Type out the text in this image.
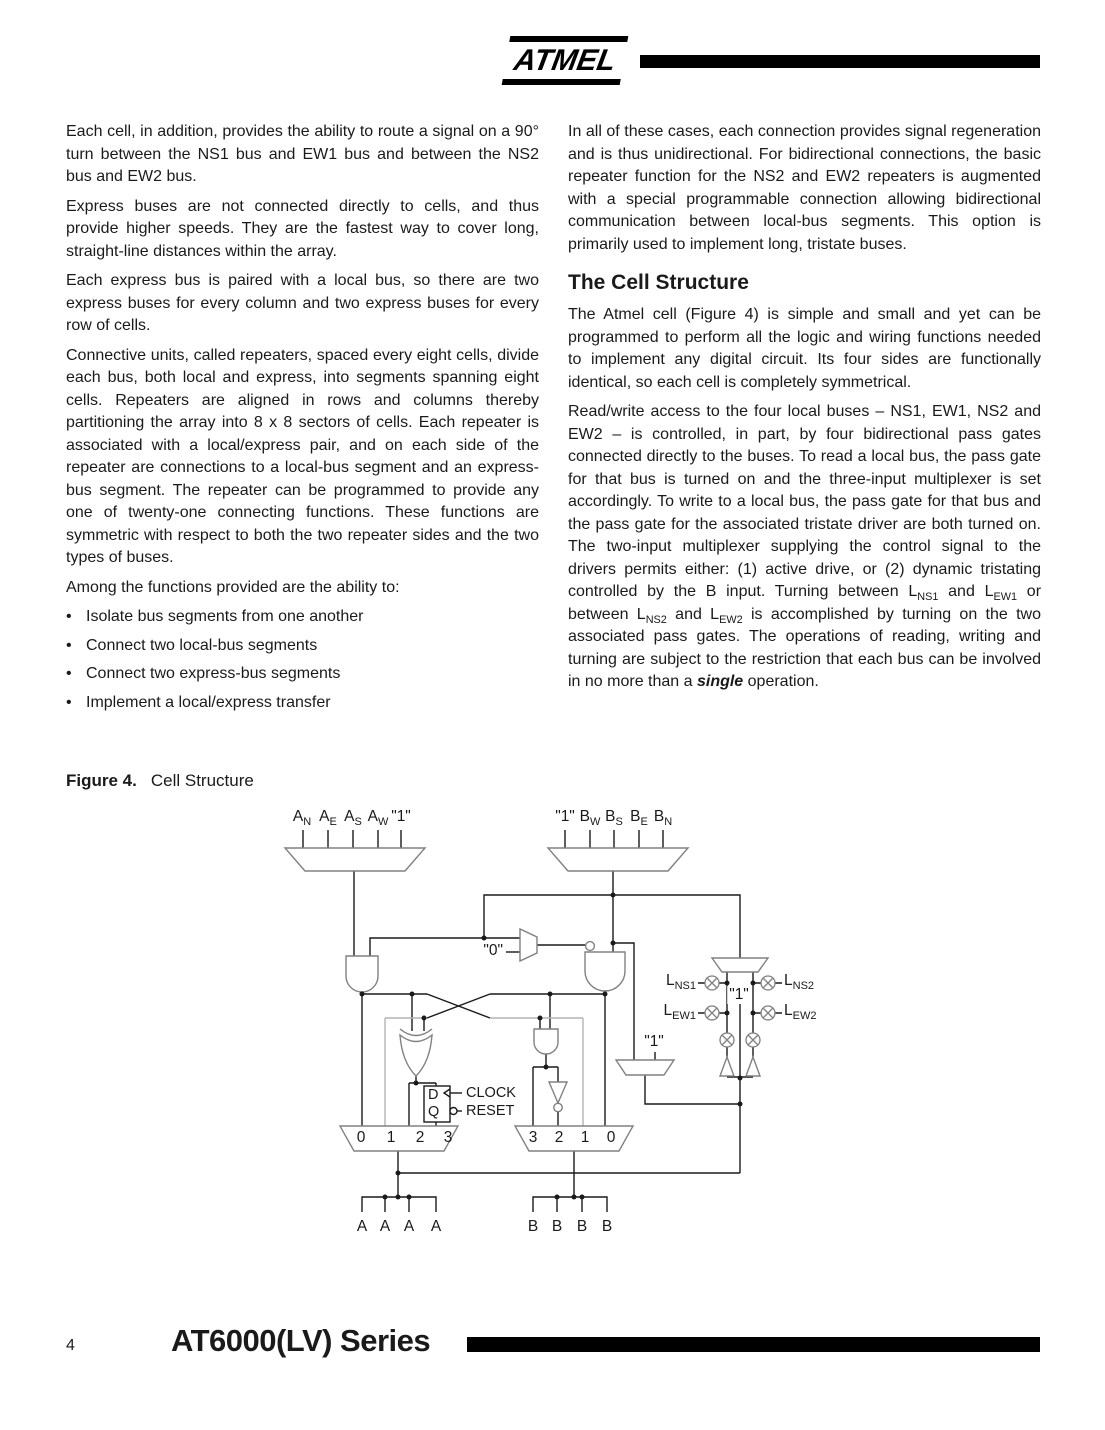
ATMEL

Each cell, in addition, provides the ability to route a signal on a 90° turn between the NS1 bus and EW1 bus and between the NS2 bus and EW2 bus.

Express buses are not connected directly to cells, and thus provide higher speeds. They are the fastest way to cover long, straight-line distances within the array.

Each express bus is paired with a local bus, so there are two express buses for every column and two express buses for every row of cells.

Connective units, called repeaters, spaced every eight cells, divide each bus, both local and express, into segments spanning eight cells. Repeaters are aligned in rows and columns thereby partitioning the array into 8 x 8 sectors of cells. Each repeater is associated with a local/express pair, and on each side of the repeater are connections to a local-bus segment and an express-bus segment. The repeater can be programmed to provide any one of twenty-one connecting functions. These functions are symmetric with respect to both the two repeater sides and the two types of buses.

Among the functions provided are the ability to:

• Isolate bus segments from one another
• Connect two local-bus segments
• Connect two express-bus segments
• Implement a local/express transfer

In all of these cases, each connection provides signal regeneration and is thus unidirectional. For bidirectional connections, the basic repeater function for the NS2 and EW2 repeaters is augmented with a special programmable connection allowing bidirectional communication between local-bus segments. This option is primarily used to implement long, tristate buses.

The Cell Structure

The Atmel cell (Figure 4) is simple and small and yet can be programmed to perform all the logic and wiring functions needed to implement any digital circuit. Its four sides are functionally identical, so each cell is completely symmetrical.

Read/write access to the four local buses – NS1, EW1, NS2 and EW2 – is controlled, in part, by four bidirectional pass gates connected directly to the buses. To read a local bus, the pass gate for that bus is turned on and the three-input multiplexer is set accordingly. To write to a local bus, the pass gate for that bus and the pass gate for the associated tristate driver are both turned on. The two-input multiplexer supplying the control signal to the drivers permits either: (1) active drive, or (2) dynamic tristating controlled by the B input. Turning between $L_{NS1}$ and $L_{EW1}$ or between $L_{NS2}$ and $L_{EW2}$ is accomplished by turning on the two associated pass gates. The operations of reading, writing and turning are subject to the restriction that each bus can be involved in no more than a single operation.

Figure 4. Cell Structure
$A_N$ $A_E$ $A_S$ $A_W$ "1"	"1" $B_W$ $B_S$ $B_E$ $B_N$
"0"
$L_{NS1}$
$L_{EW1}$
$L_{NS2}$
$L_{EW2}$
"1"
"1"
D
Q
CLOCK
RESET
0 1 2 3	3 2 1 0
A A A A	B B B B
4	AT6000(LV) Series
